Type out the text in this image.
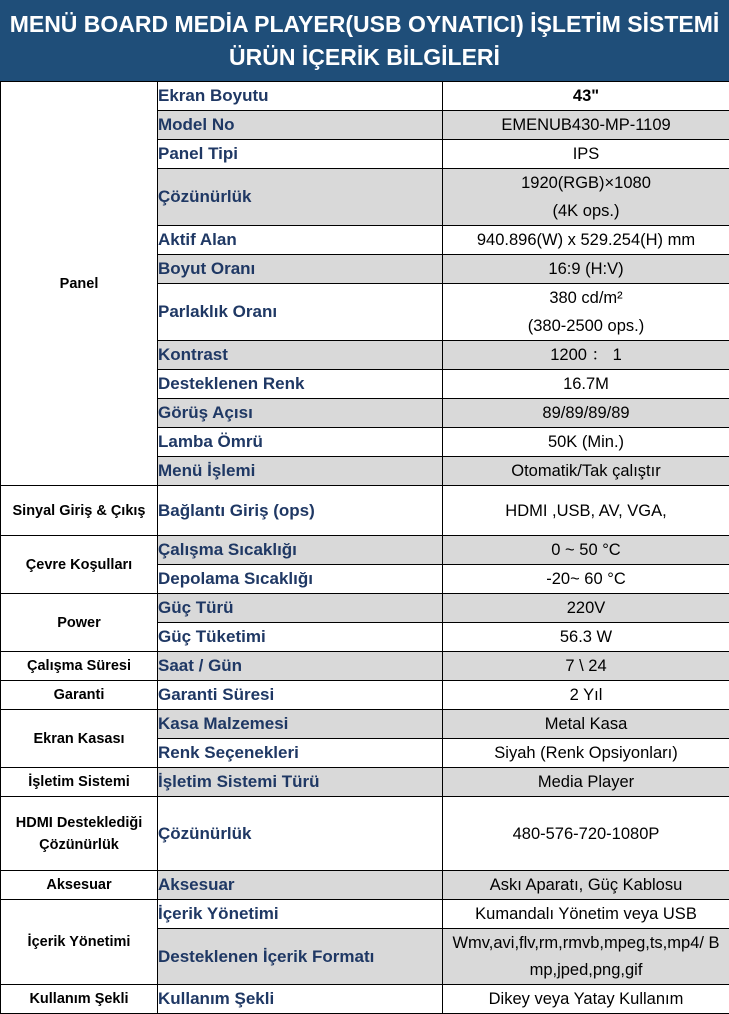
MENÜ BOARD MEDİA PLAYER(USB OYNATICI) İŞLETİM SİSTEMİ
ÜRÜN İÇERİK BİLGİLERİ
Panel	Ekran Boyutu	43"
	Model No	EMENUB430-MP-1109
	Panel Tipi	IPS
	Çözünürlük	1920(RGB)×1080
(4K ops.)

	Aktif Alan	940.896(W) x 529.254(H) mm
	Boyut Oranı	16:9 (H:V)
	Parlaklık Oranı	380 cd/m²
(380-2500 ops.)

	Kontrast	1200 ： 1
	Desteklenen Renk	16.7M
	Görüş Açısı	89/89/89/89
	Lamba Ömrü	50K (Min.)
	Menü İşlemi	Otomatik/Tak çalıştır
Sinyal Giriş & Çıkış	Bağlantı Giriş (ops)	HDMI ,USB, AV, VGA,
Çevre Koşulları	Çalışma Sıcaklığı	0 ~ 50 °C
	Depolama Sıcaklığı	-20~ 60 °C
Power	Güç Türü	220V
	Güç Tüketimi	56.3 W
Çalışma Süresi	Saat / Gün	7 \ 24
Garanti	Garanti Süresi	2 Yıl
Ekran Kasası	Kasa Malzemesi	Metal Kasa
	Renk Seçenekleri	Siyah (Renk Opsiyonları)
İşletim Sistemi	İşletim Sistemi Türü	Media Player
HDMI Desteklediği Çözünürlük	Çözünürlük	480-576-720-1080P
Aksesuar	Aksesuar	Askı Aparatı, Güç Kablosu
İçerik Yönetimi	İçerik Yönetimi	Kumandalı Yönetim veya USB
	Desteklenen İçerik Formatı	Wmv,avi,flv,rm,rmvb,mpeg,ts,mp4/ Bmp,jped,png,gif

Kullanım Şekli	Kullanım Şekli	Dikey veya Yatay Kullanım
